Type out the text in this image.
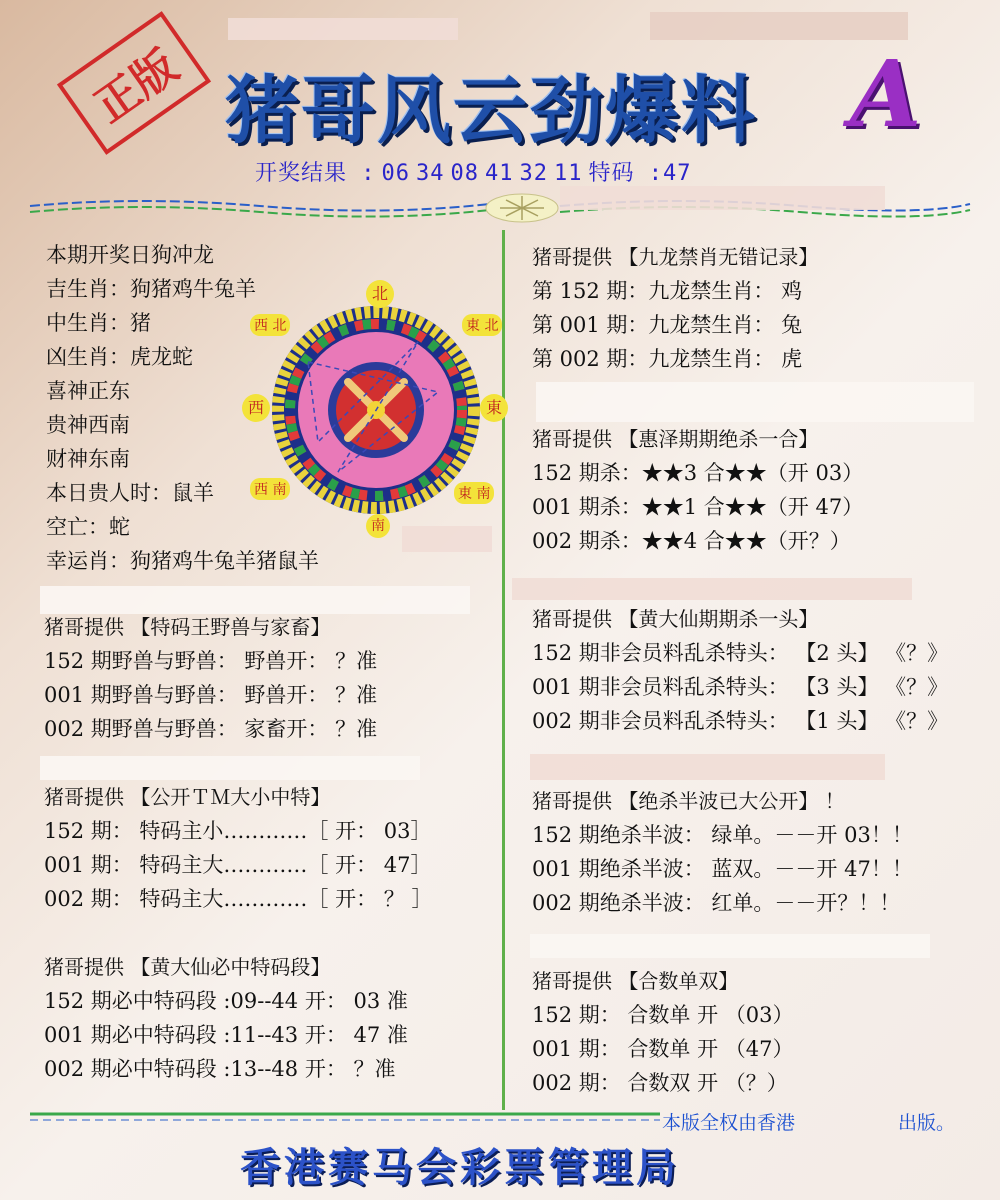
正版 猪哥风云劲爆料 A
开奖结果 : 06 34 08 41 32 11 特码 :47
本期开奖日狗冲龙
吉生肖：狗猪鸡牛兔羊
中生肖：猪
凶生肖：虎龙蛇
喜神正东
贵神西南
财神东南
本日贵人时：鼠羊
空亡：蛇
幸运肖：狗猪鸡牛兔羊猪鼠羊
北
南
東
西
西 北	東 北
西 南	東 南
猪哥提供 【特码王野兽与家畜】
152 期野兽与野兽： 野兽开： ？准
001 期野兽与野兽： 野兽开： ？准
002 期野兽与野兽： 家畜开： ？准
猪哥提供 【公开ＴＭ大小中特】
152 期： 特码主小…………［ 开： 03］
001 期： 特码主大…………［ 开： 47］
002 期： 特码主大…………［ 开： ？ ］
猪哥提供 【黄大仙必中特码段】
152 期必中特码段 :09--44 开： 03 准
001 期必中特码段 :11--43 开： 47 准
002 期必中特码段 :13--48 开： ？准
猪哥提供 【九龙禁肖无错记录】
第 152 期：九龙禁生肖： 鸡
第 001 期：九龙禁生肖： 兔
第 002 期：九龙禁生肖： 虎
猪哥提供 【惠泽期期绝杀一合】
152 期杀：★★3 合★★（开 03）
001 期杀：★★1 合★★（开 47）
002 期杀：★★4 合★★（开？）
猪哥提供 【黄大仙期期杀一头】
152 期非会员料乱杀特头： 【2 头】 《？》
001 期非会员料乱杀特头： 【3 头】 《？》
002 期非会员料乱杀特头： 【1 头】 《？》
猪哥提供 【绝杀半波已大公开】 ！
152 期绝杀半波： 绿单。－－开 03！！
001 期绝杀半波： 蓝双。－－开 47！！
002 期绝杀半波： 红单。－－开？！！
猪哥提供 【合数单双】
152 期： 合数单 开 （03）
001 期： 合数单 开 （47）
002 期： 合数双 开 （？）
本版全权由香港	出版。
香港赛马会彩票管理局
